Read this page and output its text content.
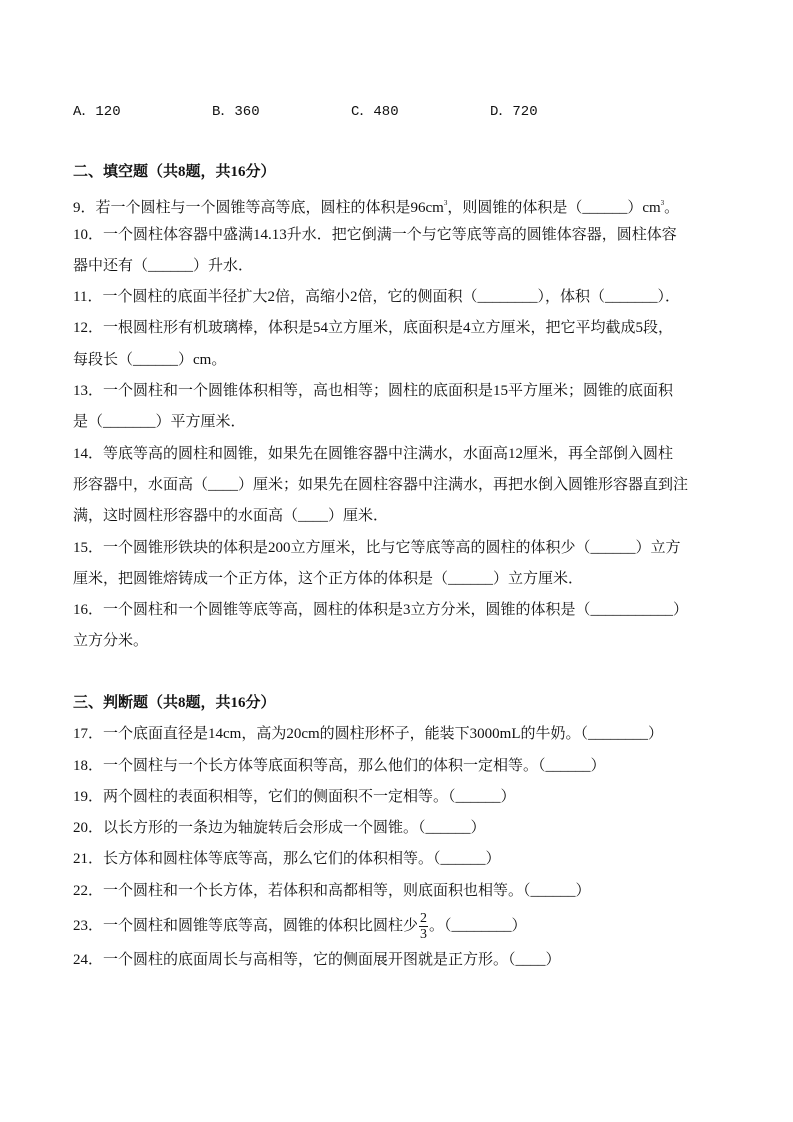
A．120	B．360	C．480	D．720
二、填空题（共8题，共16分）
9．若一个圆柱与一个圆锥等高等底，圆柱的体积是$96cm^3$，则圆锥的体积是$(\_\_\_\_\_\_)cm^3$。
10．一个圆柱体容器中盛满14.13升水．把它倒满一个与它等底等高的圆锥体容器，圆柱体容
器中还有（______）升水．
11．一个圆柱的底面半径扩大2倍，高缩小2倍，它的侧面积（________），体积（_______）．
12．一根圆柱形有机玻璃棒，体积是54立方厘米，底面积是4立方厘米，把它平均截成5段，
每段长（______）cm。
13．一个圆柱和一个圆锥体积相等，高也相等；圆柱的底面积是15平方厘米；圆锥的底面积
是（_______）平方厘米．
14．等底等高的圆柱和圆锥，如果先在圆锥容器中注满水，水面高12厘米，再全部倒入圆柱
形容器中，水面高（____）厘米；如果先在圆柱容器中注满水，再把水倒入圆锥形容器直到注
满，这时圆柱形容器中的水面高（____）厘米．
15．一个圆锥形铁块的体积是200立方厘米，比与它等底等高的圆柱的体积少（______）立方
厘米，把圆锥熔铸成一个正方体，这个正方体的体积是（______）立方厘米．
16．一个圆柱和一个圆锥等底等高，圆柱的体积是3立方分米，圆锥的体积是（___________）
立方分米。
三、判断题（共8题，共16分）
17．一个底面直径是14cm，高为20cm的圆柱形杯子，能装下3000mL的牛奶。（________）
18．一个圆柱与一个长方体等底面积等高，那么他们的体积一定相等。（______）
19．两个圆柱的表面积相等，它们的侧面积不一定相等。（______）
20．以长方形的一条边为轴旋转后会形成一个圆锥。（______）
21．长方体和圆柱体等底等高，那么它们的体积相等。（______）
22．一个圆柱和一个长方体，若体积和高都相等，则底面积也相等。（______）
23．一个圆柱和圆锥等底等高，圆锥的体积比圆柱少 $\frac{2}{3}$ 。（________）
24．一个圆柱的底面周长与高相等，它的侧面展开图就是正方形。（____）
